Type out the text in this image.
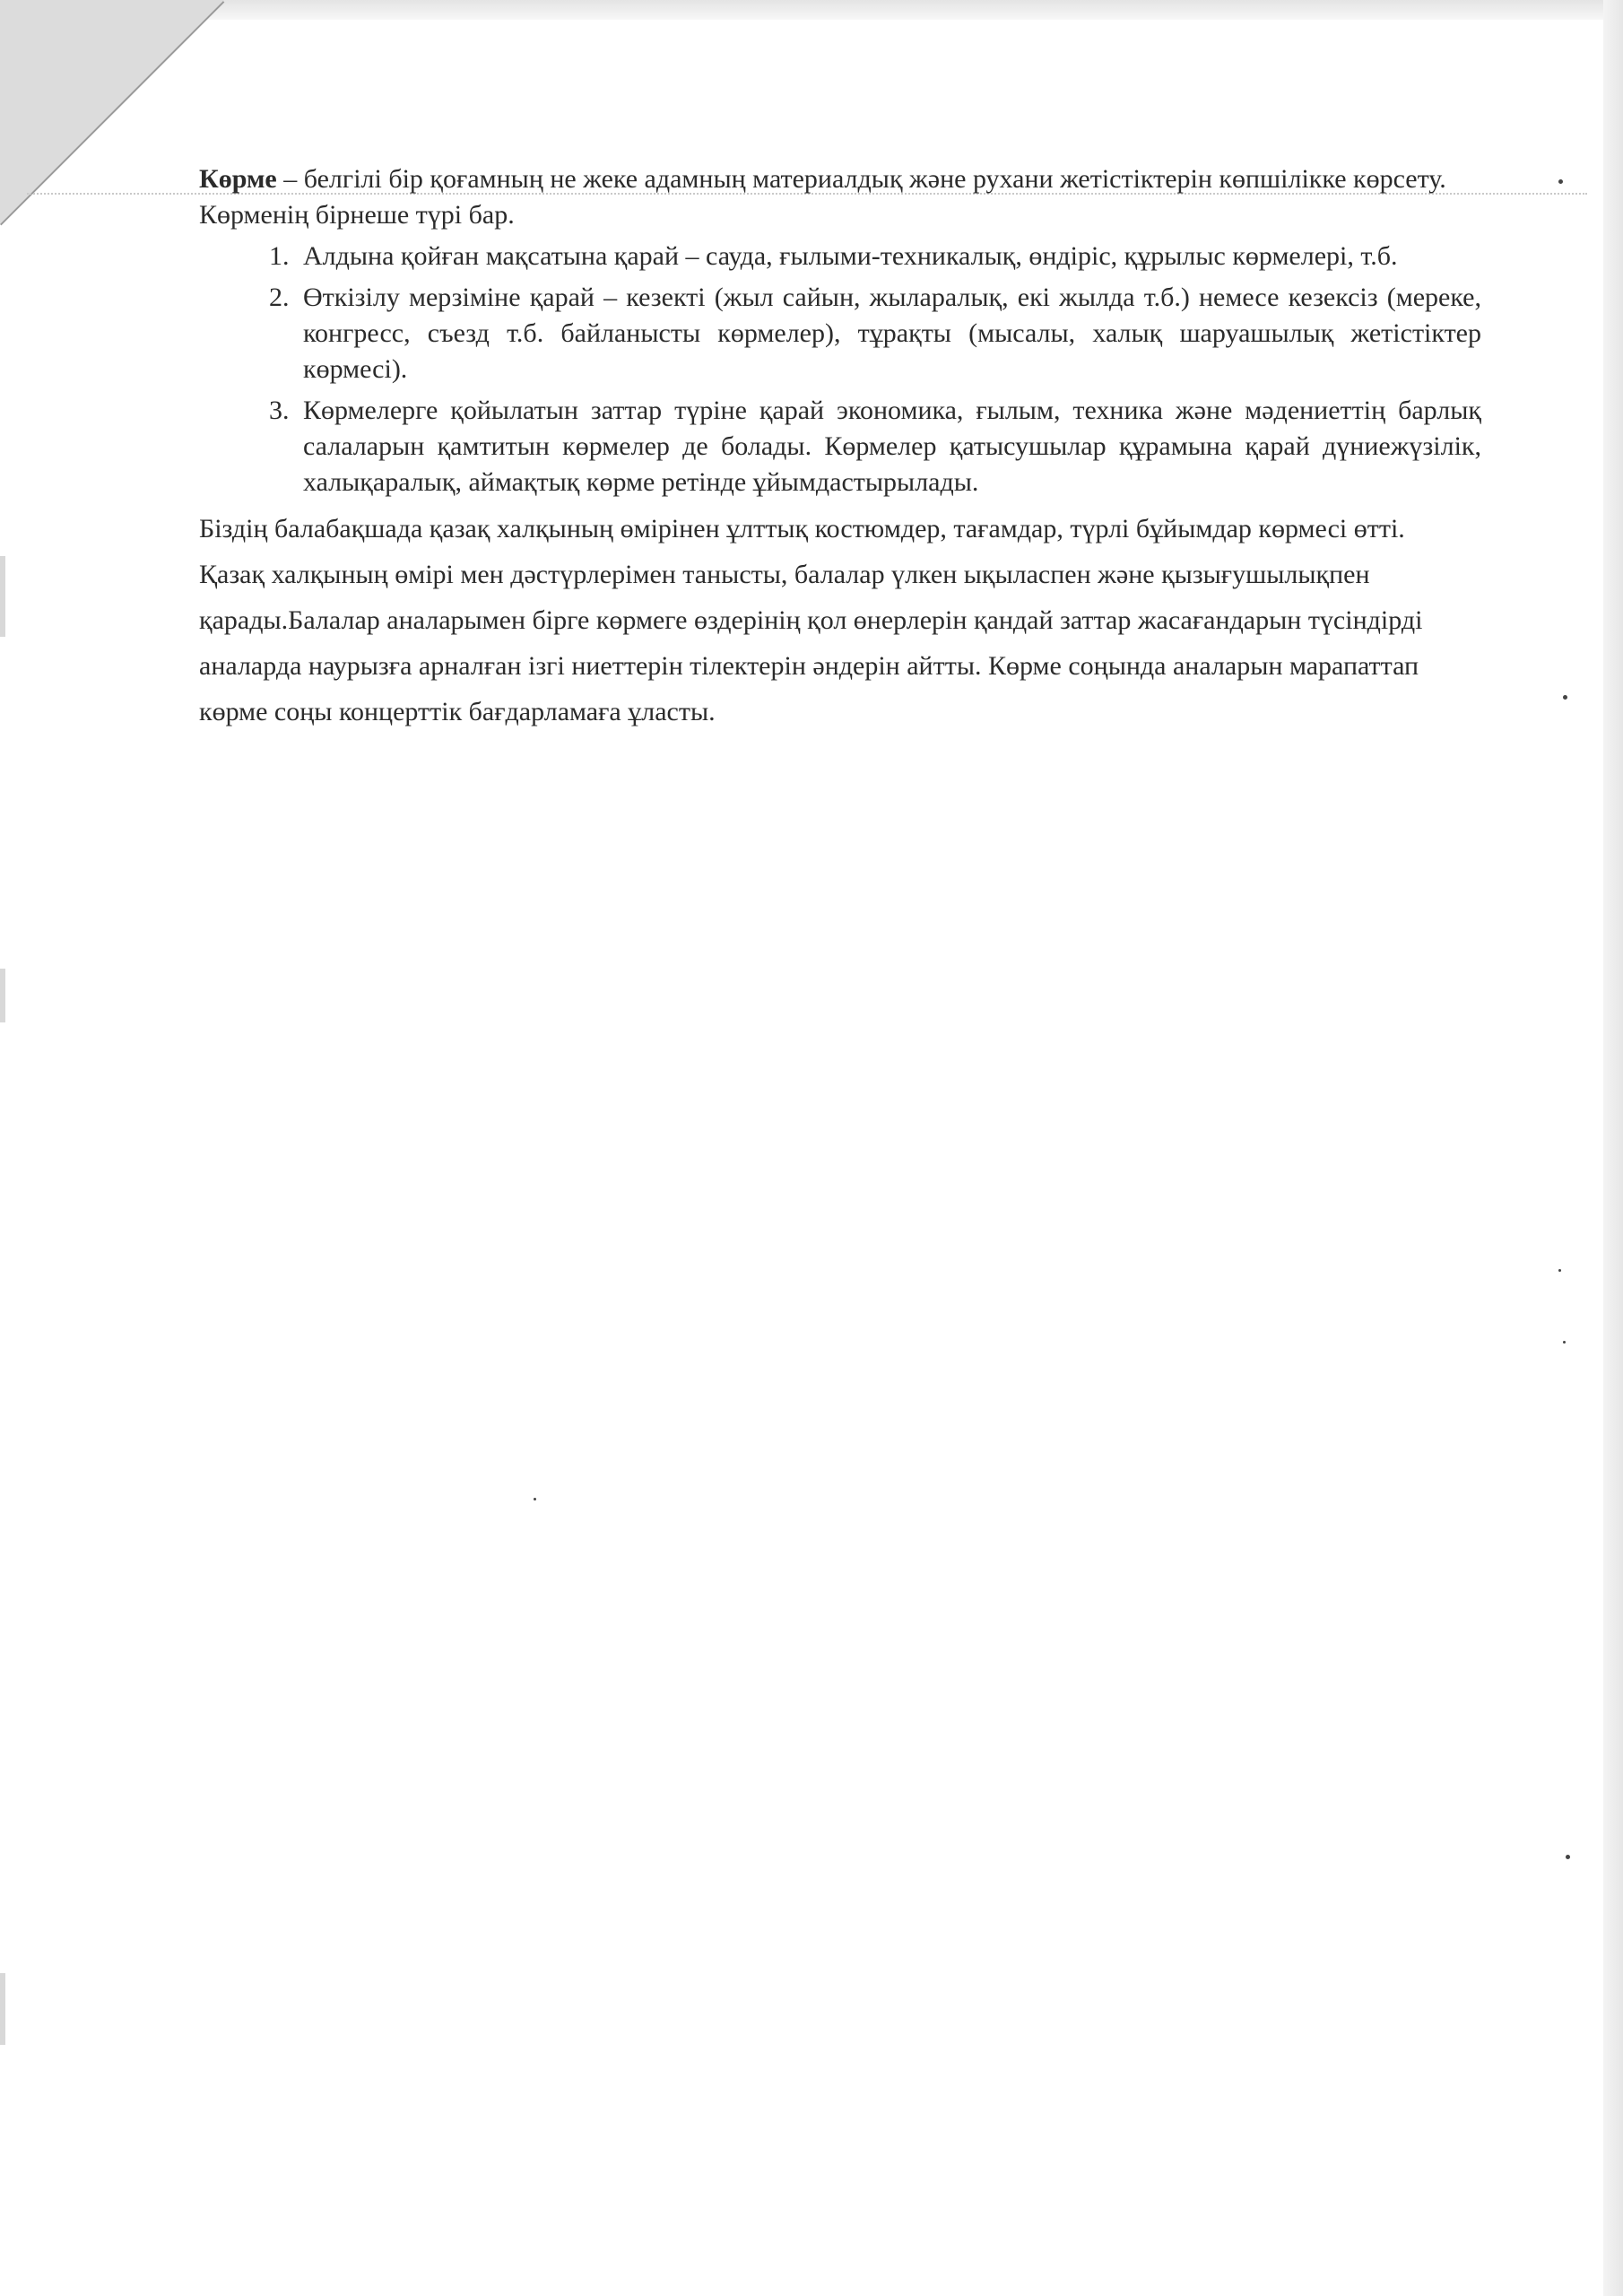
Көрме – белгілі бір қоғамның не жеке адамның материалдық және рухани жетістіктерін көпшілікке көрсету.

Көрменің бірнеше түрі бар.

1. Алдына қойған мақсатына қарай – сауда, ғылыми-техникалық, өндіріс, құрылыс көрмелері, т.б.
2. Өткізілу мерзіміне қарай – кезекті (жыл сайын, жыларалық, екі жылда т.б.) немесе кезексіз (мереке, конгресс, съезд т.б. байланысты көрмелер), тұрақты (мысалы, халық шаруашылық жетістіктер көрмесі).
3. Көрмелерге қойылатын заттар түріне қарай экономика, ғылым, техника және мәдениеттің барлық салаларын қамтитын көрмелер де болады. Көрмелер қатысушылар құрамына қарай дүниежүзілік, халықаралық, аймақтық көрме ретінде ұйымдастырылады.

Біздің балабақшада қазақ халқының өмірінен ұлттық костюмдер, тағамдар, түрлі бұйымдар көрмесі өтті. Қазақ халқының өмірі мен дәстүрлерімен танысты, балалар үлкен ықыласпен және қызығушылықпен қарады.Балалар аналарымен бірге көрмеге өздерінің қол өнерлерін қандай заттар жасағандарын түсіндірді аналарда наурызға арналған ізгі ниеттерін тілектерін әндерін айтты. Көрме соңында аналарын марапаттап көрме соңы концерттік бағдарламаға ұласты.
